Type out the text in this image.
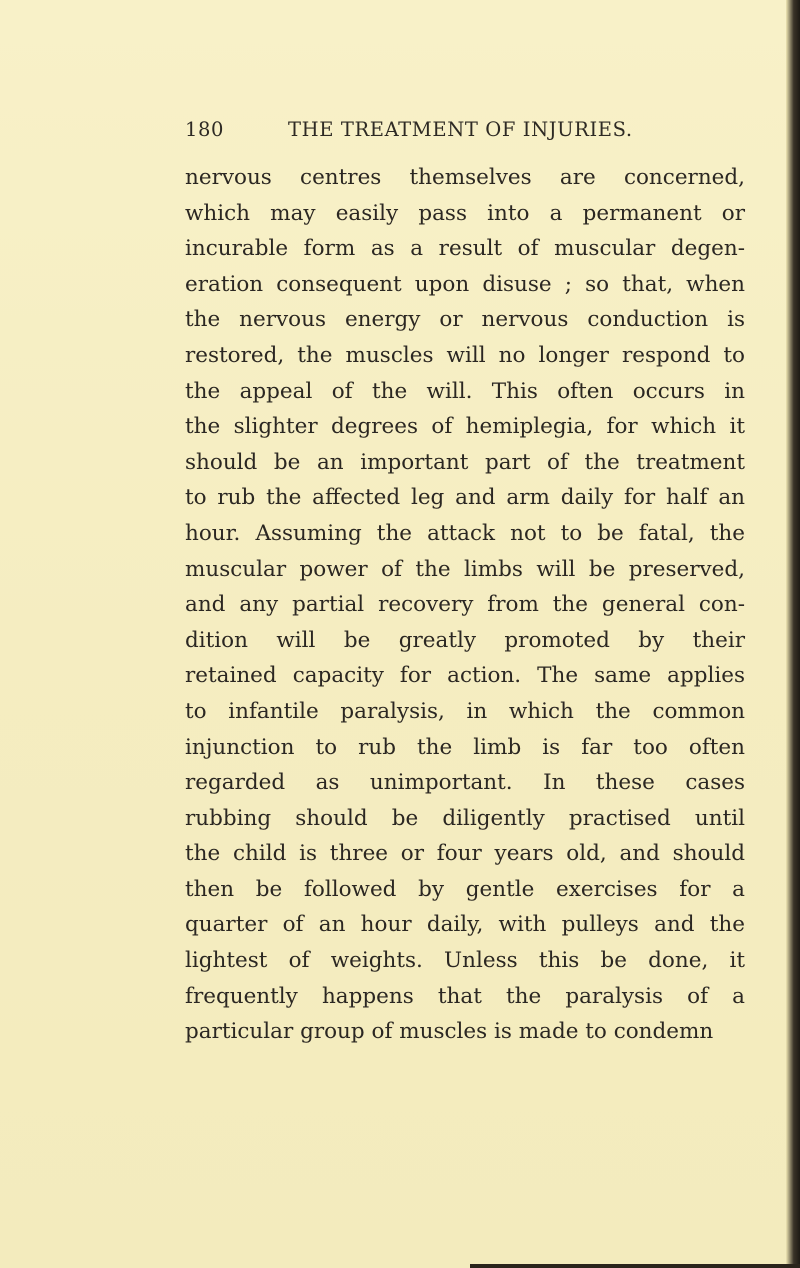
180	THE TREATMENT OF INJURIES.
nervous centres themselves are concerned,
which may easily pass into a permanent or
incurable form as a result of muscular degen-
eration consequent upon disuse ; so that, when
the nervous energy or nervous conduction is
restored, the muscles will no longer respond to
the appeal of the will. This often occurs in
the slighter degrees of hemiplegia, for which it
should be an important part of the treatment
to rub the affected leg and arm daily for half an
hour. Assuming the attack not to be fatal, the
muscular power of the limbs will be preserved,
and any partial recovery from the general con-
dition will be greatly promoted by their
retained capacity for action. The same applies
to infantile paralysis, in which the common
injunction to rub the limb is far too often
regarded as unimportant. In these cases
rubbing should be diligently practised until
the child is three or four years old, and should
then be followed by gentle exercises for a
quarter of an hour daily, with pulleys and the
lightest of weights. Unless this be done, it
frequently happens that the paralysis of a
particular group of muscles is made to condemn
